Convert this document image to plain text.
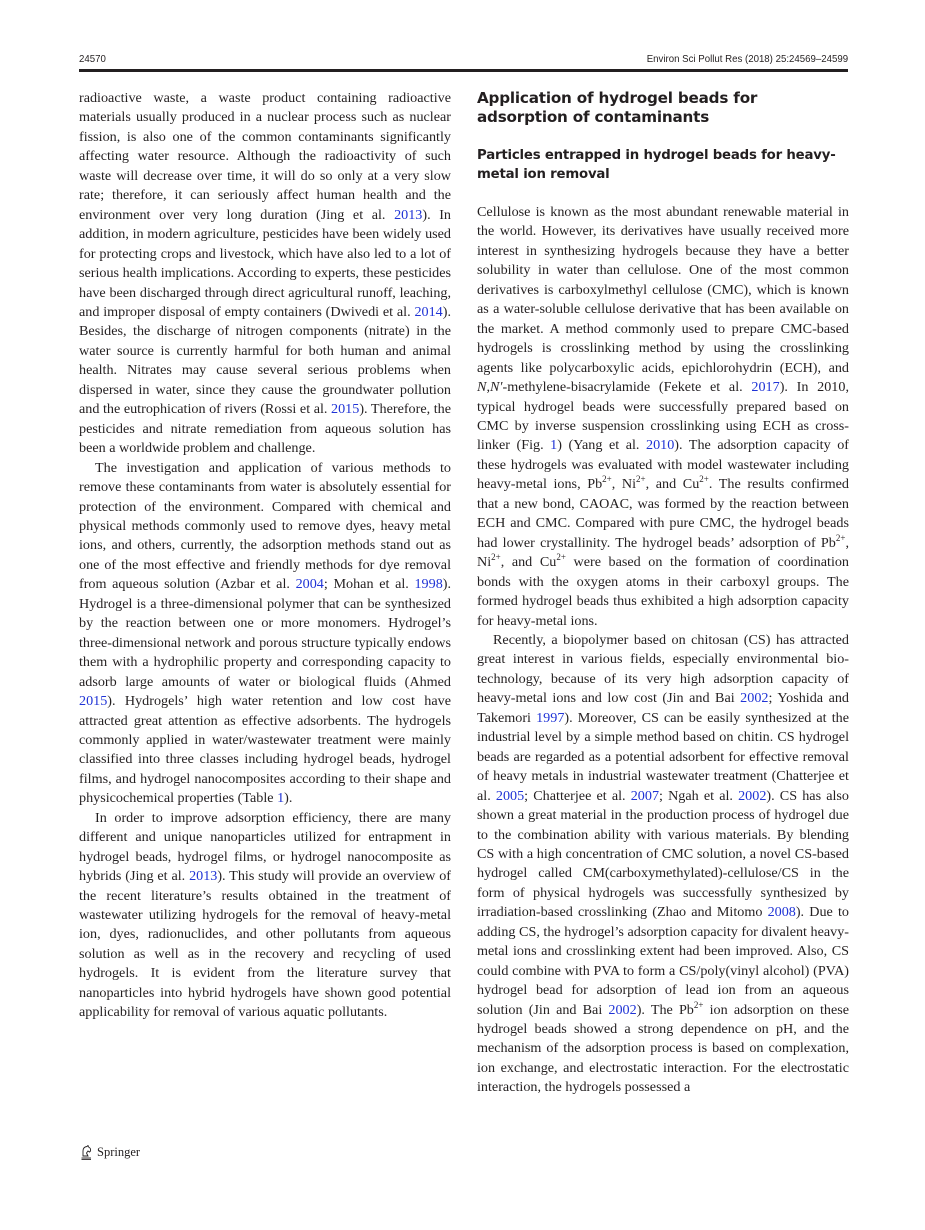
24570	Environ Sci Pollut Res (2018) 25:24569–24599

radioactive waste, a waste product containing radioactive materials usually produced in a nuclear process such as nuclear fission, is also one of the common contaminants significantly affecting water resource. Although the radioactivity of such waste will decrease over time, it will do so only at a very slow rate; therefore, it can seriously affect human health and the environment over very long duration (Jing et al. 2013). In addition, in modern agriculture, pesticides have been widely used for protecting crops and livestock, which have also led to a lot of serious health implications. According to experts, these pesticides have been discharged through direct agricultural runoff, leaching, and improper disposal of empty containers (Dwivedi et al. 2014). Besides, the discharge of nitrogen components (nitrate) in the water source is currently harmful for both human and animal health. Nitrates may cause several serious problems when dispersed in water, since they cause the groundwater pollution and the eutrophication of rivers (Rossi et al. 2015). Therefore, the pesticides and nitrate remediation from aqueous solution has been a worldwide problem and challenge.

The investigation and application of various methods to remove these contaminants from water is absolutely essential for protection of the environment. Compared with chemical and physical methods commonly used to remove dyes, heavy metal ions, and others, currently, the adsorption methods stand out as one of the most effective and friendly methods for dye removal from aqueous solution (Azbar et al. 2004; Mohan et al. 1998). Hydrogel is a three-dimensional polymer that can be synthesized by the reaction between one or more monomers. Hydrogel’s three-dimensional network and porous structure typically endows them with a hydrophilic property and corresponding capacity to adsorb large amounts of water or biological fluids (Ahmed 2015). Hydrogels’ high water retention and low cost have attracted great attention as effective adsorbents. The hydrogels commonly applied in water/wastewater treatment were mainly classified into three classes including hydrogel beads, hydrogel films, and hydrogel nanocomposites according to their shape and physicochemical properties (Table 1).

In order to improve adsorption efficiency, there are many different and unique nanoparticles utilized for entrapment in hydrogel beads, hydrogel films, or hydrogel nanocomposite as hybrids (Jing et al. 2013). This study will provide an overview of the recent literature’s results obtained in the treatment of wastewater utilizing hydrogels for the removal of heavy-metal ion, dyes, radionuclides, and other pollutants from aqueous solution as well as in the recovery and recycling of used hydrogels. It is evident from the literature survey that nanoparticles into hybrid hydrogels have shown good potential applicability for removal of various aquatic pollutants.

Application of hydrogel beads for adsorption of contaminants
Particles entrapped in hydrogel beads for heavy-metal ion removal

Cellulose is known as the most abundant renewable material in the world. However, its derivatives have usually received more interest in synthesizing hydrogels because they have a better solubility in water than cellulose. One of the most common derivatives is carboxylmethyl cellulose (CMC), which is known as a water-soluble cellulose derivative that has been available on the market. A method commonly used to prepare CMC-based hydrogels is crosslinking method by using the crosslinking agents like polycarboxylic acids, epichlorohydrin (ECH), and N,N′-methylene-bisacrylamide (Fekete et al. 2017). In 2010, typical hydrogel beads were successfully prepared based on CMC by inverse suspension crosslinking using ECH as cross-linker (Fig. 1) (Yang et al. 2010). The adsorption capacity of these hydrogels was evaluated with model wastewater including heavy-metal ions, $Pb^{2+}$, $Ni^{2+}$, and $Cu^{2+}$. The results confirmed that a new bond, CAOAC, was formed by the reaction between ECH and CMC. Compared with pure CMC, the hydrogel beads had lower crystallinity. The hydrogel beads’ adsorption of $Pb^{2+}$, $Ni^{2+}$, and $Cu^{2+}$ were based on the formation of coordination bonds with the oxygen atoms in their carboxyl groups. The formed hydrogel beads thus exhibited a high adsorption capacity for heavy-metal ions.

Recently, a biopolymer based on chitosan (CS) has attracted great interest in various fields, especially environmental biotechnology, because of its very high adsorption capacity of heavy-metal ions and low cost (Jin and Bai 2002; Yoshida and Takemori 1997). Moreover, CS can be easily synthesized at the industrial level by a simple method based on chitin. CS hydrogel beads are regarded as a potential adsorbent for effective removal of heavy metals in industrial wastewater treatment (Chatterjee et al. 2005; Chatterjee et al. 2007; Ngah et al. 2002). CS has also shown a great material in the production process of hydrogel due to the combination ability with various materials. By blending CS with a high concentration of CMC solution, a novel CS-based hydrogel called CM(carboxymethylated)-cellulose/CS in the form of physical hydrogels was successfully synthesized by irradiation-based crosslinking (Zhao and Mitomo 2008). Due to adding CS, the hydrogel’s adsorption capacity for divalent heavy-metal ions and crosslinking extent had been improved. Also, CS could combine with PVA to form a CS/poly(vinyl alcohol) (PVA) hydrogel bead for adsorption of lead ion from an aqueous solution (Jin and Bai 2002). The $Pb^{2+}$ ion adsorption on these hydrogel beads showed a strong dependence on pH, and the mechanism of the adsorption process is based on complexation, ion exchange, and electrostatic interaction. For the electrostatic interaction, the hydrogels possessed a

Springer
